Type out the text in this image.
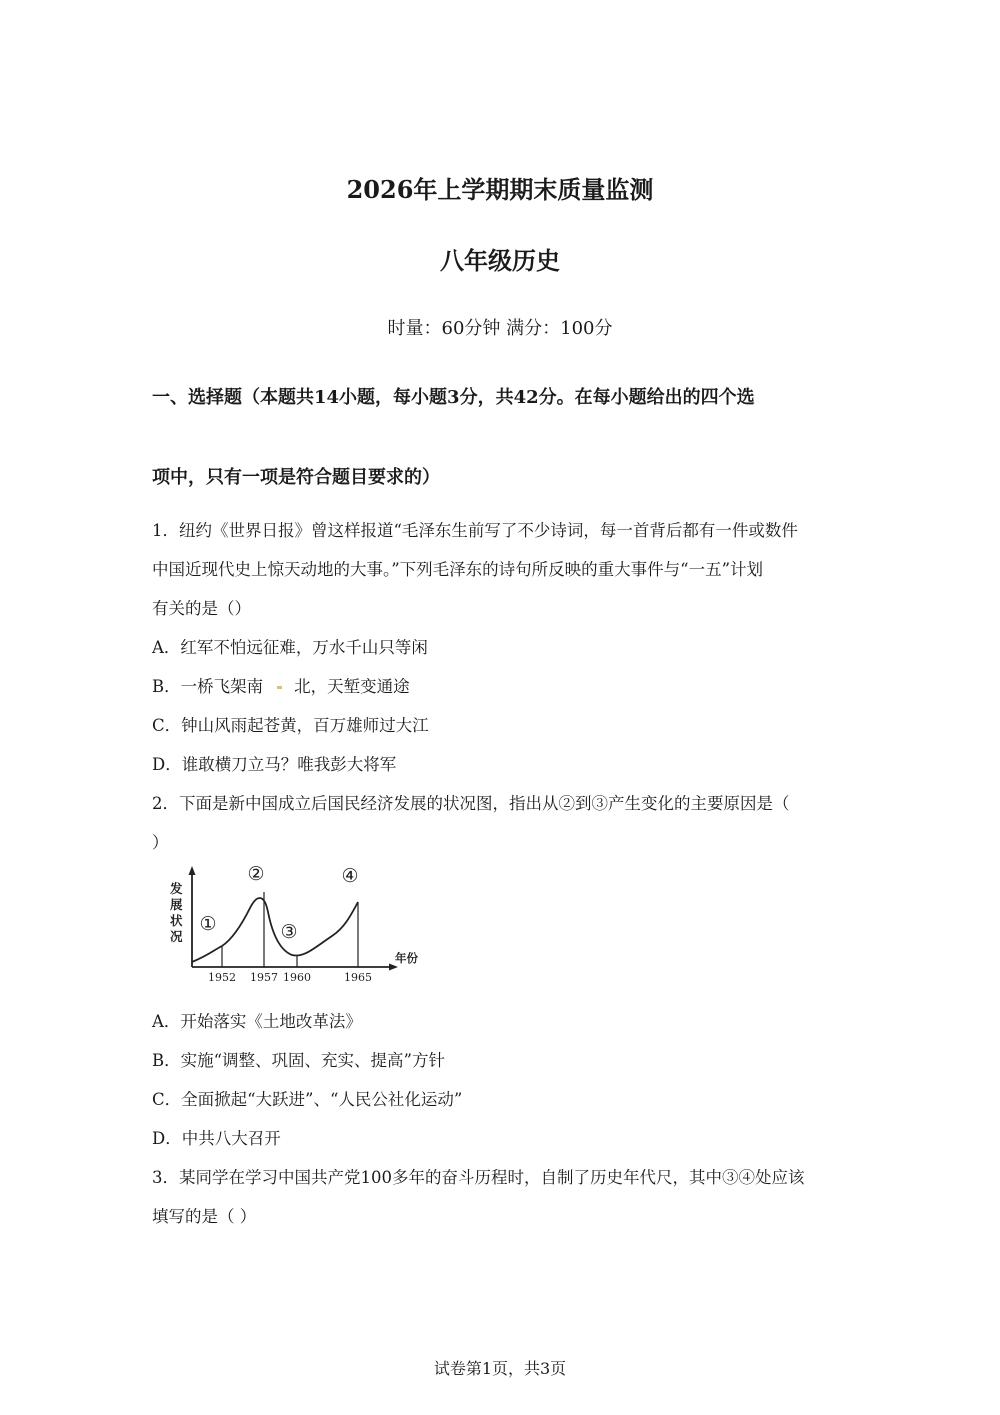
2026年上学期期末质量监测
八年级历史
时量：60分钟 满分：100分
一、选择题（本题共14小题，每小题3分，共42分。在每小题给出的四个选
项中，只有一项是符合题目要求的）
1．纽约《世界日报》曾这样报道“毛泽东生前写了不少诗词，每一首背后都有一件或数件
中国近现代史上惊天动地的大事。”下列毛泽东的诗句所反映的重大事件与“一五”计划
有关的是（）
A．红军不怕远征难，万水千山只等闲
B．一桥飞架南 北，天堑变通途
C．钟山风雨起苍黄，百万雄师过大江
D．谁敢横刀立马？唯我彭大将军
2．下面是新中国成立后国民经济发展的状况图，指出从②到③产生变化的主要原因是（
）
发
展
状
况
年份
1952
①
1957
②
1960
③
1965
④
A．开始落实《土地改革法》
B．实施“调整、巩固、充实、提高”方针
C．全面掀起“大跃进”、“人民公社化运动”
D．中共八大召开
3．某同学在学习中国共产党100多年的奋斗历程时，自制了历史年代尺，其中③④处应该
填写的是（ ）
试卷第1页，共3页
